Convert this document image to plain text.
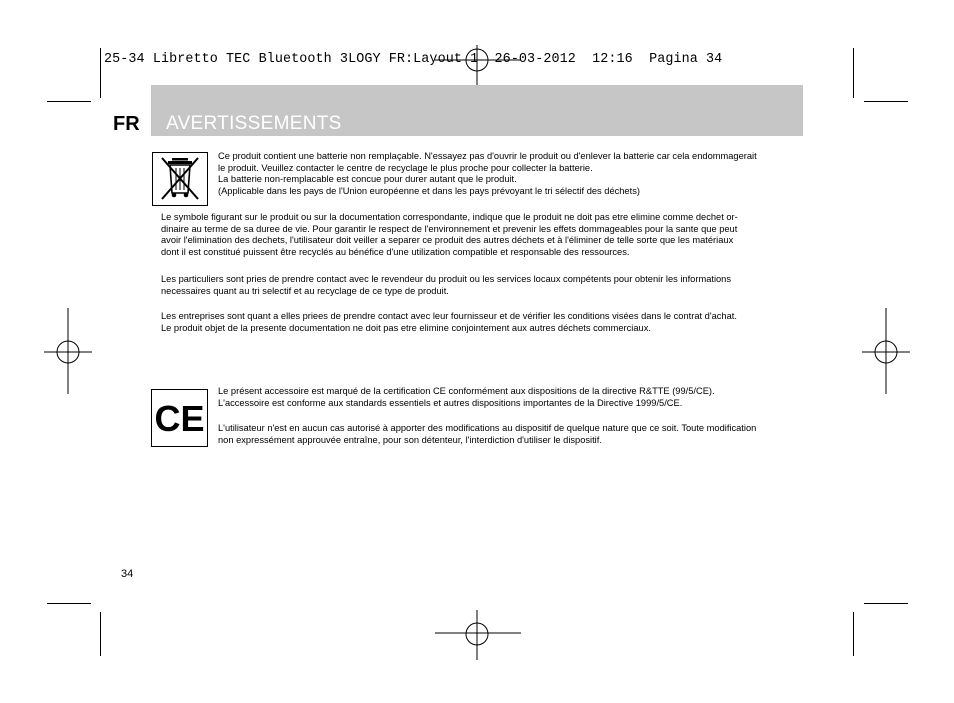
25-34 Libretto TEC Bluetooth 3LOGY FR:Layout 1  26-03-2012  12:16  Pagina 34
FR AVERTISSEMENTS
Ce produit contient une batterie non remplaçable. N'essayez pas d'ouvrir le produit ou d'enlever la batterie car cela endommagerait
le produit. Veuillez contacter le centre de recyclage le plus proche pour collecter la batterie.
La batterie non-remplacable est concue pour durer autant que le produit.
(Applicable dans les pays de l'Union européenne et dans les pays prévoyant le tri sélectif des déchets)
Le symbole figurant sur le produit ou sur la documentation correspondante, indique que le produit ne doit pas etre elimine comme dechet or-
dinaire au terme de sa duree de vie. Pour garantir le respect de l'environnement et prevenir les effets dommageables pour la sante que peut
avoir l'elimination des dechets, l'utilisateur doit veiller a separer ce produit des autres déchets et à l'éliminer de telle sorte que les matériaux
dont il est constitué puissent être recyclés au bénéfice d'une utilization compatible et responsable des ressources.
Les particuliers sont pries de prendre contact avec le revendeur du produit ou les services locaux compétents pour obtenir les informations
necessaires quant au tri selectif et au recyclage de ce type de produit.
Les entreprises sont quant a elles priees de prendre contact avec leur fournisseur et de vérifier les conditions visées dans le contrat d'achat.
Le produit objet de la presente documentation ne doit pas etre elimine conjointement aux autres déchets commerciaux.
CE
Le présent accessoire est marqué de la certification CE conformément aux dispositions de la directive R&TTE (99/5/CE).
L'accessoire est conforme aux standards essentiels et autres dispositions importantes de la Directive 1999/5/CE.
L'utilisateur n'est en aucun cas autorisé à apporter des modifications au dispositif de quelque nature que ce soit. Toute modification
non expressément approuvée entraîne, pour son détenteur, l'interdiction d'utiliser le dispositif.
34
